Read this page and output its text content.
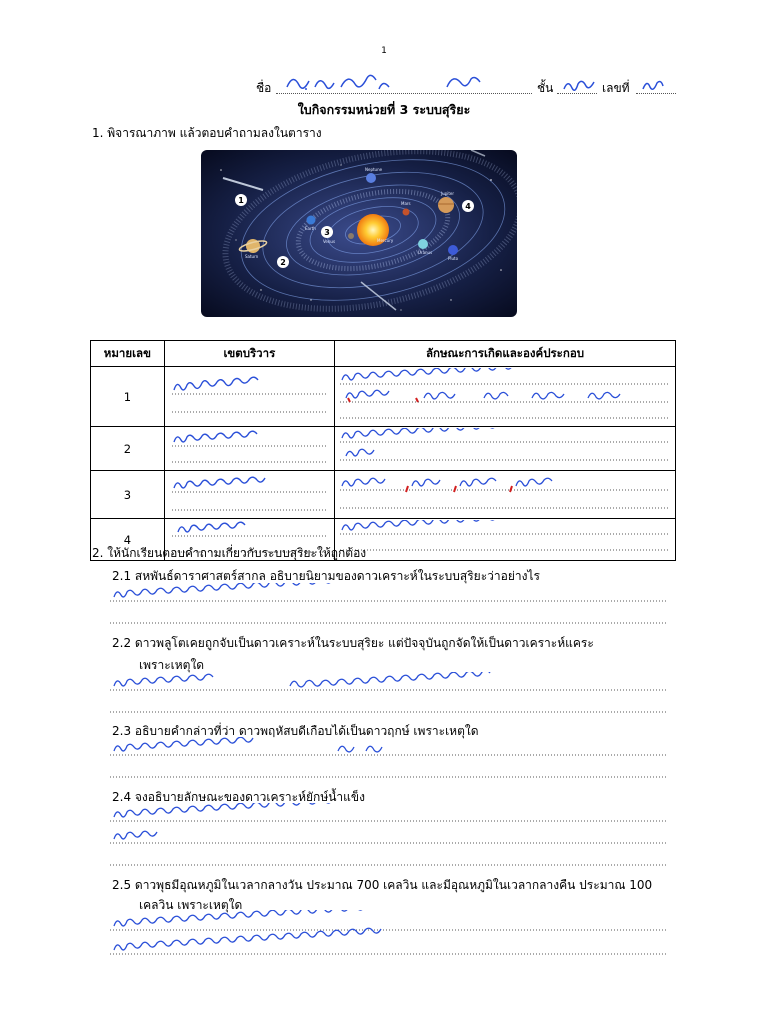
1
ชื่อ	ชั้น	เลขที่
ใบกิจกรรมหน่วยที่ 3 ระบบสุริยะ
1. พิจารณาภาพ แล้วตอบคำถามลงในตาราง
Neptune
Mars
Jupiter
Uranus
Saturn
Earth
Venus	Mercury
Pluto
1
2
3
4
หมายเลข	เขตบริวาร	ลักษณะการเกิดและองค์ประกอบ
1	

2	

3	

4	

2. ให้นักเรียนตอบคำถามเกี่ยวกับระบบสุริยะให้ถูกต้อง
2.1 สหพันธ์ดาราศาสตร์สากล อธิบายนิยามของดาวเคราะห์ในระบบสุริยะว่าอย่างไร
2.2 ดาวพลูโตเคยถูกจับเป็นดาวเคราะห์ในระบบสุริยะ แต่ปัจจุบันถูกจัดให้เป็นดาวเคราะห์แคระ
เพราะเหตุใด
2.3 อธิบายคำกล่าวที่ว่า ดาวพฤหัสบดีเกือบได้เป็นดาวฤกษ์ เพราะเหตุใด
2.4 จงอธิบายลักษณะของดาวเคราะห์ยักษ์น้ำแข็ง
2.5 ดาวพุธมีอุณหภูมิในเวลากลางวัน ประมาณ 700 เคลวิน และมีอุณหภูมิในเวลากลางคืน ประมาณ 100
เคลวิน เพราะเหตุใด
